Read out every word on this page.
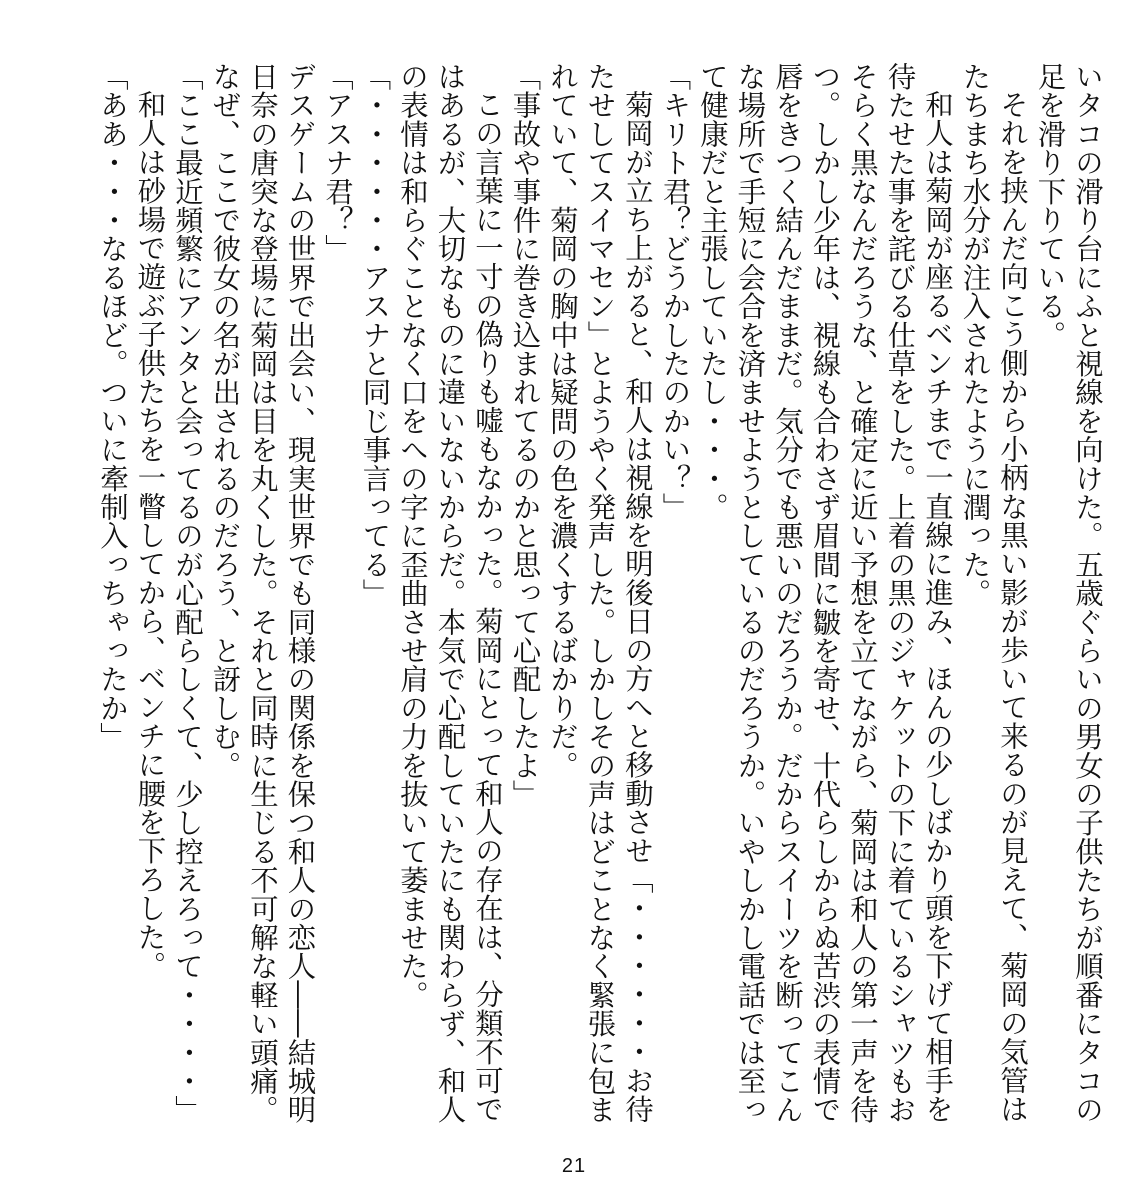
いタコの滑り台にふと視線を向けた。五歳ぐらいの男女の子供たちが順番にタコの足を滑り下りている。

それを挟んだ向こう側から小柄な黒い影が歩いて来るのが見えて、菊岡の気管はたちまち水分が注入されたように潤った。

和人は菊岡が座るベンチまで一直線に進み、ほんの少しばかり頭を下げて相手を待たせた事を詫びる仕草をした。上着の黒のジャケットの下に着ているシャツもおそらく黒なんだろうな、と確定に近い予想を立てながら、菊岡は和人の第一声を待つ。しかし少年は、視線も合わさず眉間に皺を寄せ、十代らしからぬ苦渋の表情で唇をきつく結んだままだ。気分でも悪いのだろうか。だからスイーツを断ってこんな場所で手短に会合を済ませようとしているのだろうか。いやしかし電話では至って健康だと主張していたし・・・。

「キリト君？どうかしたのかい？」

菊岡が立ち上がると、和人は視線を明後日の方へと移動させ「・・・・・・お待たせしてスイマセン」とようやく発声した。しかしその声はどことなく緊張に包まれていて、菊岡の胸中は疑問の色を濃くするばかりだ。

「事故や事件に巻き込まれてるのかと思って心配したよ」

この言葉に一寸の偽りも嘘もなかった。菊岡にとって和人の存在は、分類不可ではあるが、大切なものに違いないからだ。本気で心配していたにも関わらず、和人の表情は和らぐことなく口をへの字に歪曲させ肩の力を抜いて萎ませた。

「・・・・・・アスナと同じ事言ってる」

「アスナ君？」

デスゲームの世界で出会い、現実世界でも同様の関係を保つ和人の恋人――結城明日奈の唐突な登場に菊岡は目を丸くした。それと同時に生じる不可解な軽い頭痛。なぜ、ここで彼女の名が出されるのだろう、と訝しむ。

「ここ最近頻繁にアンタと会ってるのが心配らしくて、少し控えろって・・・・」

和人は砂場で遊ぶ子供たちを一瞥してから、ベンチに腰を下ろした。

「ああ・・・なるほど。ついに牽制入っちゃったか」

21
